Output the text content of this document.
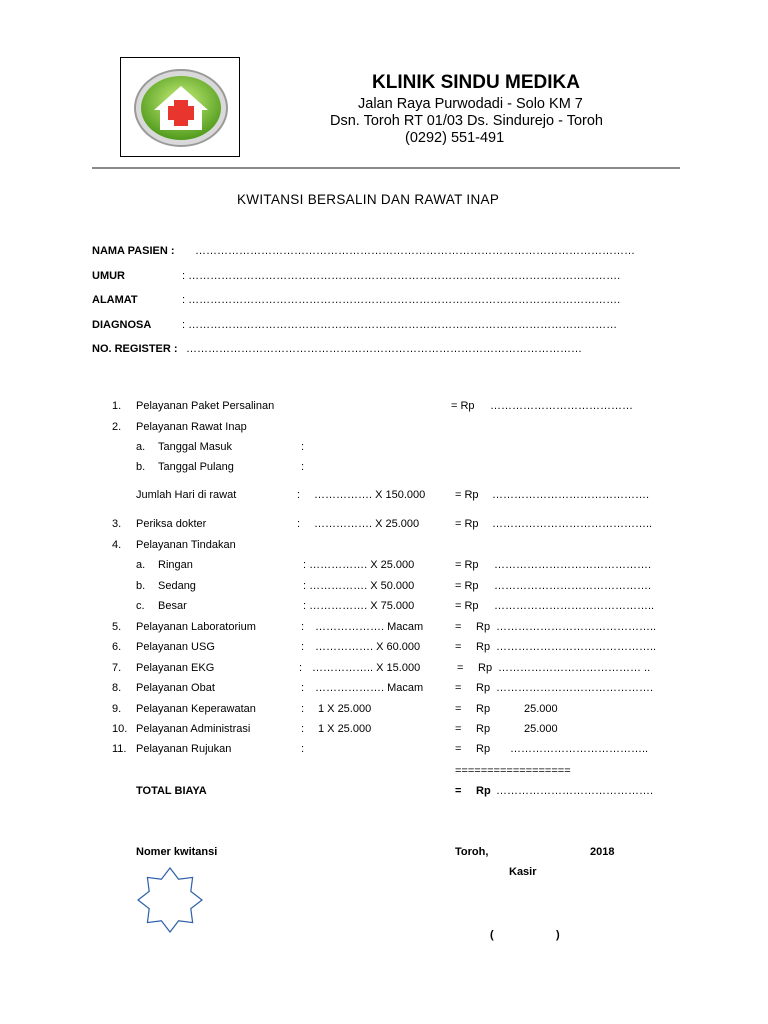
KLINIK SINDU MEDIKA
Jalan Raya Purwodadi - Solo KM 7
Dsn. Toroh RT 01/03 Ds. Sindurejo - Toroh
(0292) 551-491
KWITANSI BERSALIN DAN RAWAT INAP
NAMA PASIEN : …………………………………………………………………………………………………………
UMUR	: ……………………………………………………………………………………………………….
ALAMAT	: ……………………………………………………………………………………………………….
DIAGNOSA	: ………………………………………………………………………………………………………
NO. REGISTER : ………………………………………………………………………………………………
1. Pelayanan Paket Persalinan	= Rp …………………………………
2. Pelayanan Rawat Inap
a. Tanggal Masuk	:
b. Tanggal Pulang	:
Jumlah Hari di rawat	: ……………. X 150.000	= Rp …………………………………….
3. Periksa dokter	: ……………. X 25.000	= Rp ……………………………………..
4. Pelayanan Tindakan
a. Ringan	: ……………. X 25.000	= Rp …………………………………….
b. Sedang	: ……………. X 50.000	= Rp …………………………………….
c. Besar	: ……………. X 75.000	= Rp ……………………………………..
5. Pelayanan Laboratorium	: ………………. Macam	= Rp ……………………………………..
6. Pelayanan USG	: ……………. X 60.000	= Rp ……………………………………..
7. Pelayanan EKG	: …………….. X 15.000	= Rp ………………………………… ..
8. Pelayanan Obat	: ………………. Macam	= Rp …………………………………….
9. Pelayanan Keperawatan	: 1 X 25.000	= Rp	25.000
10. Pelayanan Administrasi	: 1 X 25.000	= Rp	25.000
11. Pelayanan Rujukan	:	= Rp ………………………………..
==================
TOTAL BIAYA	= Rp …………………………………….
Nomer kwitansi	Toroh,	2018
Kasir
(	)
